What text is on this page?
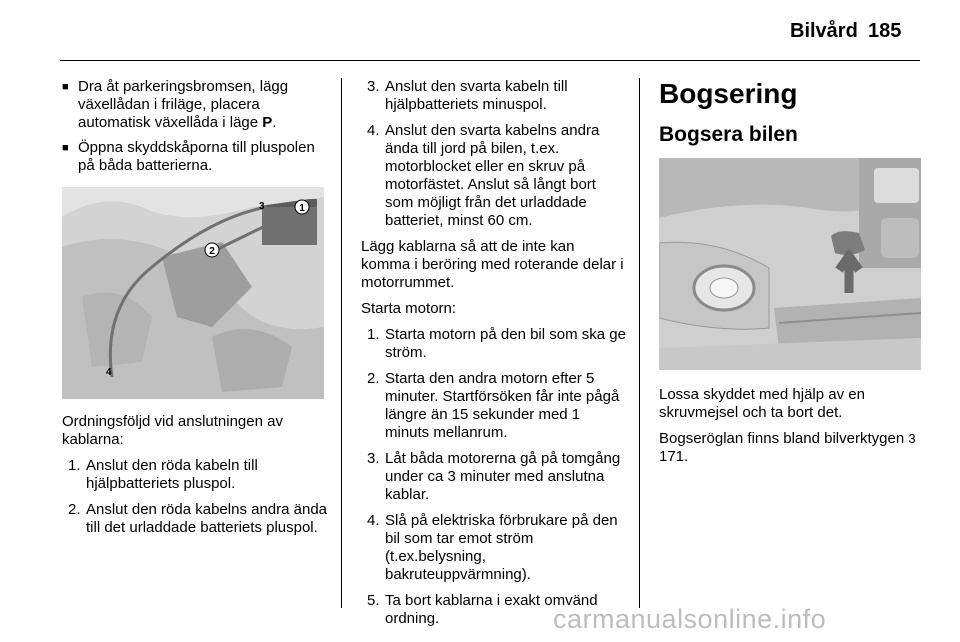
Bilvård 185
■ Dra åt parkeringsbromsen, lägg växellådan i friläge, placera automatisk växellåda i läge P.
■ Öppna skyddskåporna till pluspolen på båda batterierna.
1
2
3
4
Ordningsföljd vid anslutningen av kablarna:
1. Anslut den röda kabeln till hjälpbatteriets pluspol.
2. Anslut den röda kabelns andra ända till det urladdade batteriets pluspol.
3. Anslut den svarta kabeln till hjälpbatteriets minuspol.
4. Anslut den svarta kabelns andra ända till jord på bilen, t.ex. motorblocket eller en skruv på motorfästet. Anslut så långt bort som möjligt från det urladdade batteriet, minst 60 cm.
Lägg kablarna så att de inte kan komma i beröring med roterande delar i motorrummet.
Starta motorn:
1. Starta motorn på den bil som ska ge ström.
2. Starta den andra motorn efter 5 minuter. Startförsöken får inte pågå längre än 15 sekunder med 1 minuts mellanrum.
3. Låt båda motorerna gå på tomgång under ca 3 minuter med anslutna kablar.
4. Slå på elektriska förbrukare på den bil som tar emot ström (t.ex.belysning, bakruteuppvärmning).
5. Ta bort kablarna i exakt omvänd ordning.
Bogsering
Bogsera bilen
Lossa skyddet med hjälp av en skruvmejsel och ta bort det.
Bogseröglan finns bland bilverktygen 3 171.
carmanualsonline.info
